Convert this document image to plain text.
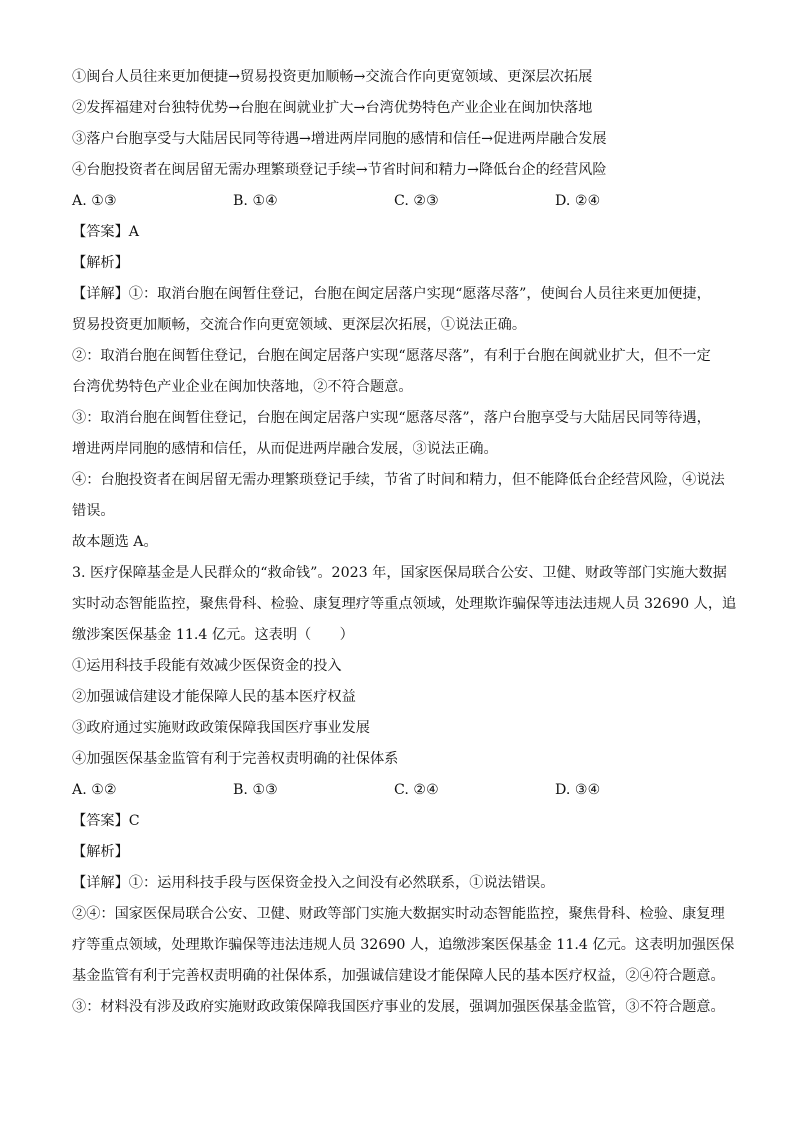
①闽台人员往来更加便捷→贸易投资更加顺畅→交流合作向更宽领域、更深层次拓展
②发挥福建对台独特优势→台胞在闽就业扩大→台湾优势特色产业企业在闽加快落地
③落户台胞享受与大陆居民同等待遇→增进两岸同胞的感情和信任→促进两岸融合发展
④台胞投资者在闽居留无需办理繁琐登记手续→节省时间和精力→降低台企的经营风险
A. ①③	B. ①④	C. ②③	D. ②④
【答案】A
【解析】
【详解】①：取消台胞在闽暂住登记，台胞在闽定居落户实现“愿落尽落”，使闽台人员往来更加便捷，
贸易投资更加顺畅，交流合作向更宽领域、更深层次拓展，①说法正确。
②：取消台胞在闽暂住登记，台胞在闽定居落户实现“愿落尽落”，有利于台胞在闽就业扩大，但不一定
台湾优势特色产业企业在闽加快落地，②不符合题意。
③：取消台胞在闽暂住登记，台胞在闽定居落户实现“愿落尽落”，落户台胞享受与大陆居民同等待遇，
增进两岸同胞的感情和信任，从而促进两岸融合发展，③说法正确。
④：台胞投资者在闽居留无需办理繁琐登记手续，节省了时间和精力，但不能降低台企经营风险，④说法
错误。
故本题选 A。
3. 医疗保障基金是人民群众的“救命钱”。2023 年，国家医保局联合公安、卫健、财政等部门实施大数据
实时动态智能监控，聚焦骨科、检验、康复理疗等重点领域，处理欺诈骗保等违法违规人员 32690 人，追
缴涉案医保基金 11.4 亿元。这表明（　　）
①运用科技手段能有效减少医保资金的投入
②加强诚信建设才能保障人民的基本医疗权益
③政府通过实施财政政策保障我国医疗事业发展
④加强医保基金监管有利于完善权责明确的社保体系
A. ①②	B. ①③	C. ②④	D. ③④
【答案】C
【解析】
【详解】①：运用科技手段与医保资金投入之间没有必然联系，①说法错误。
②④：国家医保局联合公安、卫健、财政等部门实施大数据实时动态智能监控，聚焦骨科、检验、康复理
疗等重点领域，处理欺诈骗保等违法违规人员 32690 人，追缴涉案医保基金 11.4 亿元。这表明加强医保
基金监管有利于完善权责明确的社保体系，加强诚信建设才能保障人民的基本医疗权益，②④符合题意。
③：材料没有涉及政府实施财政政策保障我国医疗事业的发展，强调加强医保基金监管，③不符合题意。
